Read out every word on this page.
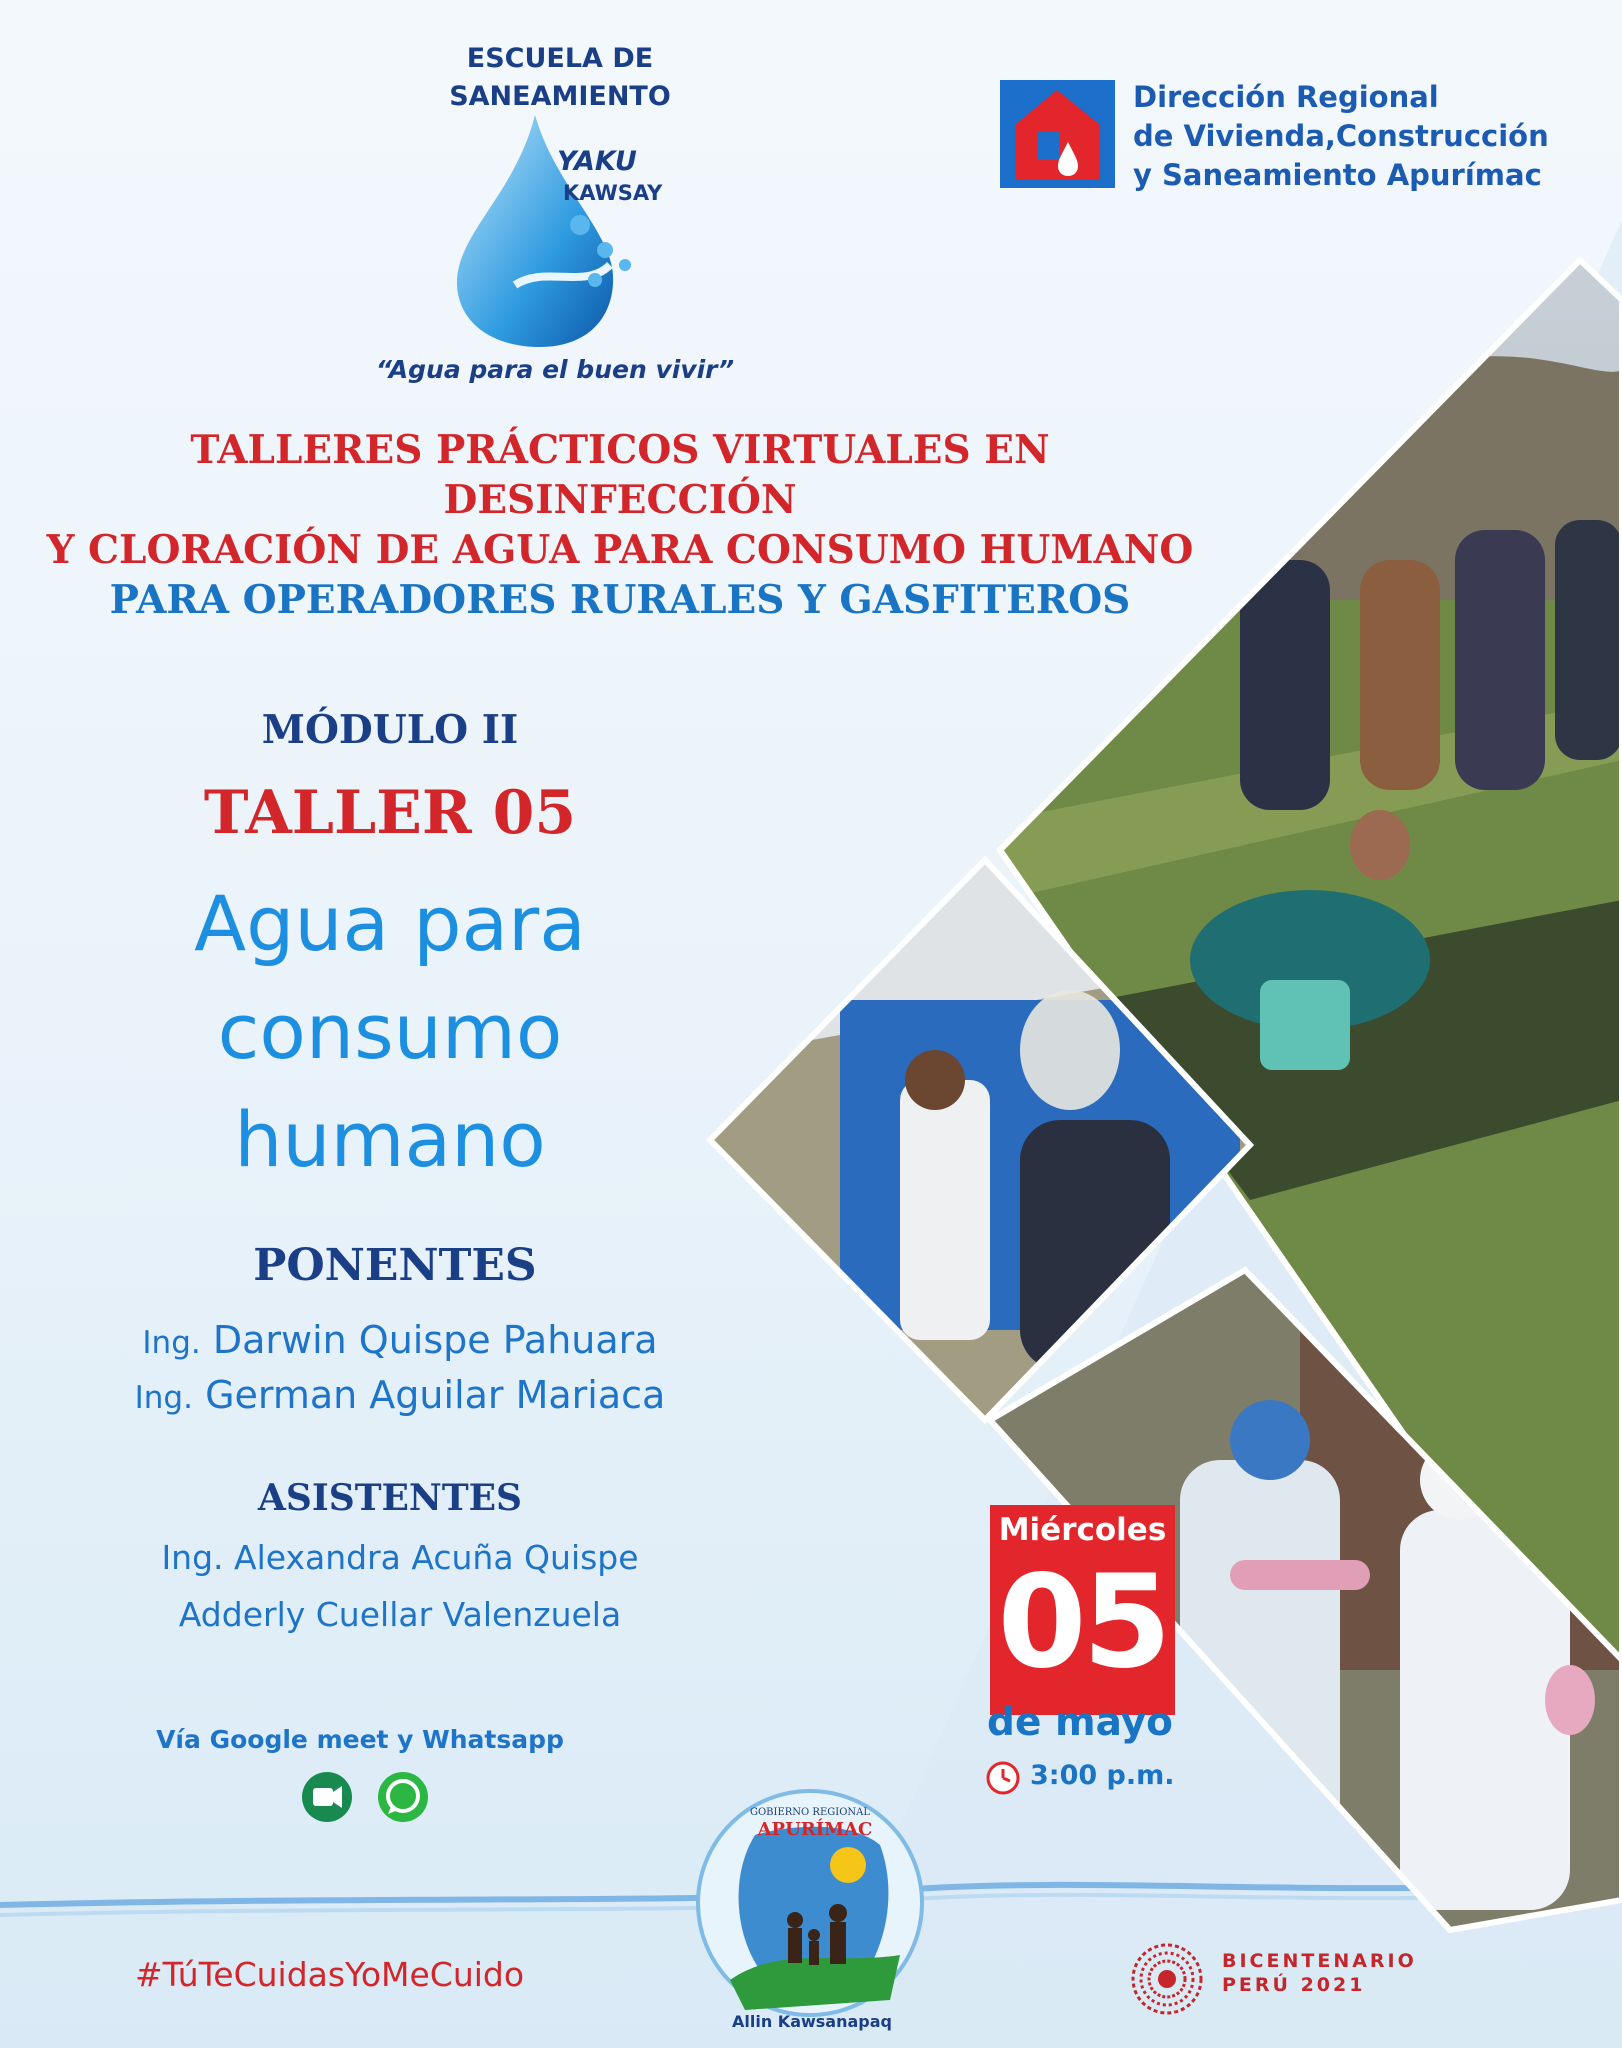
ESCUELA DE
SANEAMIENTO
YAKU
KAWSAY
“Agua para el buen vivir”
Dirección Regional
de Vivienda,Construcción
y Saneamiento Apurímac
TALLERES PRÁCTICOS VIRTUALES EN DESINFECCIÓN
Y CLORACIÓN DE AGUA PARA CONSUMO HUMANO
PARA OPERADORES RURALES Y GASFITEROS
MÓDULO II
TALLER 05
Agua para
consumo
humano
PONENTES
Ing. Darwin Quispe Pahuara
Ing. German Aguilar Mariaca
ASISTENTES
Ing. Alexandra Acuña Quispe
Adderly Cuellar Valenzuela
Vía Google meet y Whatsapp
Miércoles
05
de mayo
3:00 p.m.
GOBIERNO REGIONAL
APURÍMAC
Allin Kawsanapaq
#TúTeCuidasYoMeCuido	BICENTENARIO
PERÚ 2021
